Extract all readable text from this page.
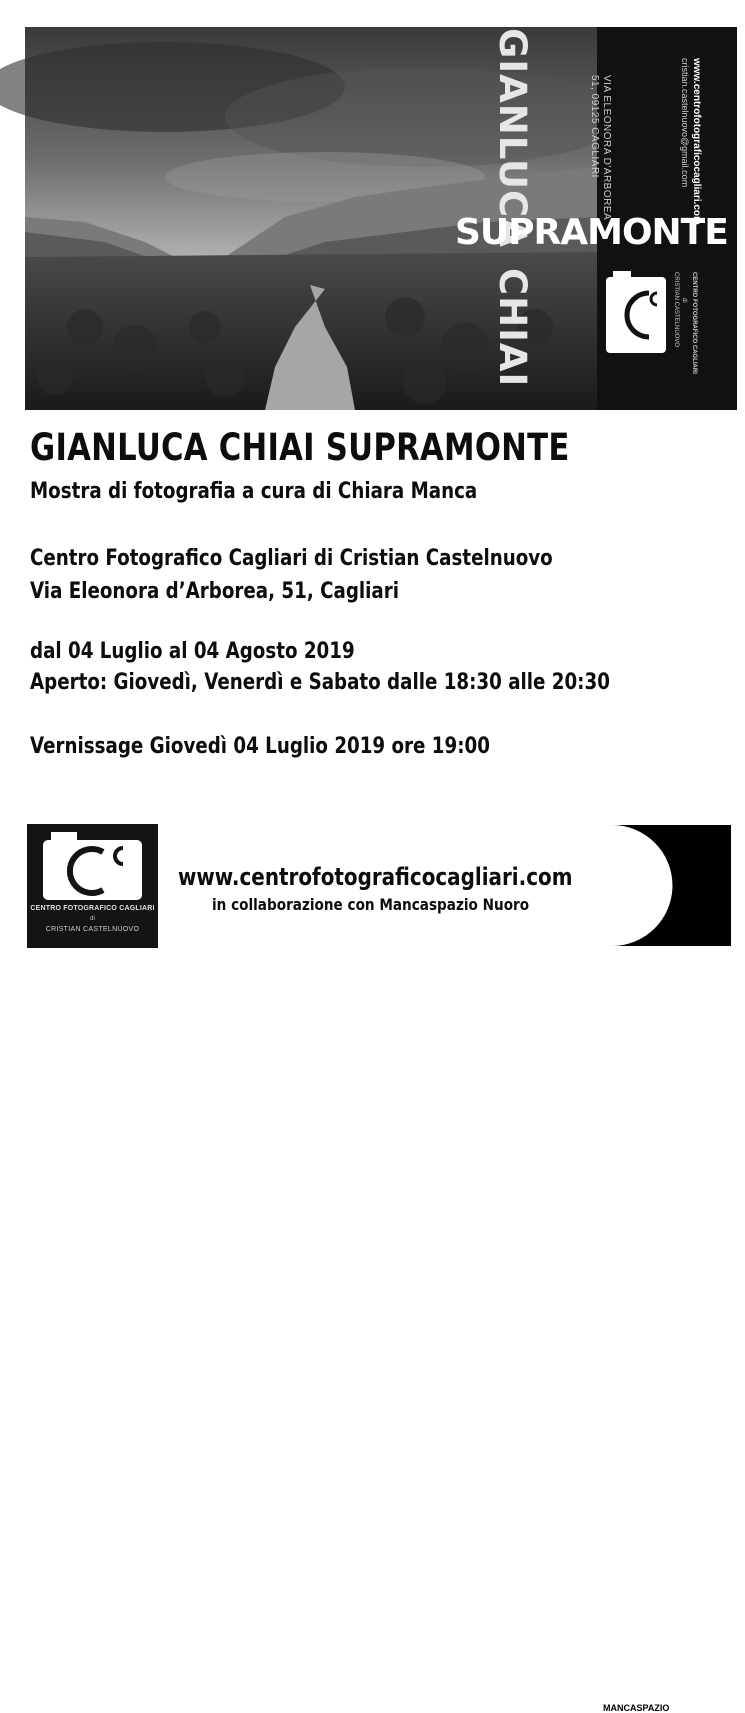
GIANLUCA
CHIAI
SUPRAMONTE
VIA ELEONORA D'ARBOREA
51, 09125 CAGLIARI	cristian.castelnuovo@gmail.com www.centrofotograficocagliari.com
CENTRO FOTOGRAFICO CAGLIARI
di
CRISTIAN CASTELNUOVO
GIANLUCA CHIAI SUPRAMONTE
Mostra di fotografia a cura di Chiara Manca
Centro Fotografico Cagliari di Cristian Castelnuovo
Via Eleonora d’Arborea, 51, Cagliari
dal 04 Luglio al 04 Agosto 2019
Aperto: Giovedì, Venerdì e Sabato dalle 18:30 alle 20:30
Vernissage Giovedì 04 Luglio 2019 ore 19:00
CENTRO FOTOGRAFICO CAGLIARI
di
CRISTIAN CASTELNUOVO
www.centrofotograficocagliari.com
in collaborazione con Mancaspazio Nuoro
MANCASPAZIO
